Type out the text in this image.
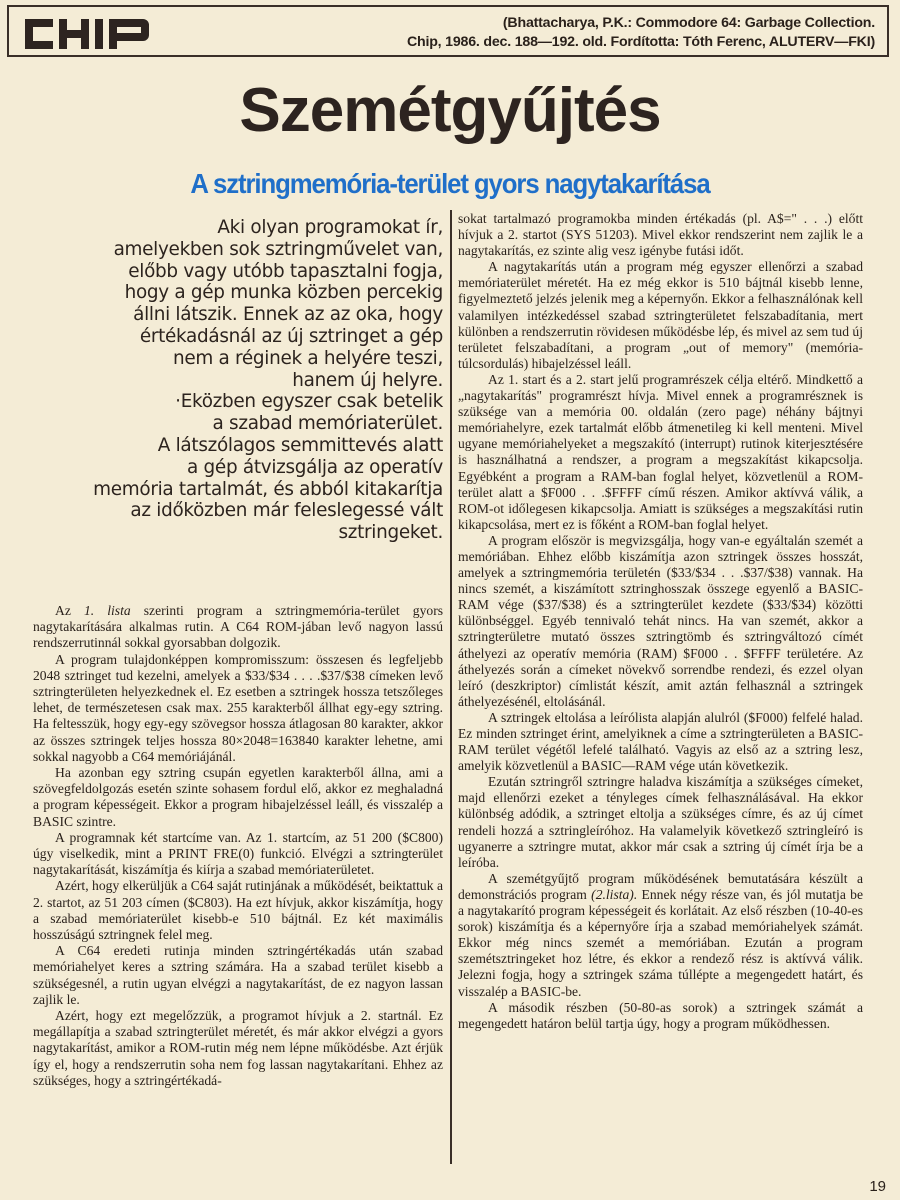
(Bhattacharya, P.K.: Commodore 64: Garbage Collection.
Chip, 1986. dec. 188—192. old. Fordította: Tóth Ferenc, ALUTERV—FKI)
Szemétgyűjtés
A sztringmemória-terület gyors nagytakarítása
Aki olyan programokat ír,
amelyekben sok sztringművelet van,
előbb vagy utóbb tapasztalni fogja,
hogy a gép munka közben percekig
állni látszik. Ennek az az oka, hogy
értékadásnál az új sztringet a gép
nem a réginek a helyére teszi,
hanem új helyre.
·Eközben egyszer csak betelik
a szabad memóriaterület.
A látszólagos semmittevés alatt
a gép átvizsgálja az operatív
memória tartalmát, és abból kitakarítja
az időközben már feleslegessé vált
sztringeket.

Az 1. lista szerinti program a sztringmemória-terület gyors nagytakarítására alkalmas rutin. A C64 ROM-jában levő nagyon lassú rendszerrutinnál sokkal gyorsabban dolgozik.

A program tulajdonképpen kompromisszum: összesen és legfeljebb 2048 sztringet tud kezelni, amelyek a $33/$34 . . . .$37/$38 címeken levő sztringterületen helyezkednek el. Ez esetben a sztringek hossza tetszőleges lehet, de természetesen csak max. 255 karakterből állhat egy-egy sztring. Ha feltesszük, hogy egy-egy szövegsor hossza átlagosan 80 karakter, akkor az összes sztringek teljes hossza 80×2048=163840 karakter lehetne, ami sokkal nagyobb a C64 memóriájánál.

Ha azonban egy sztring csupán egyetlen karakterből állna, ami a szövegfeldolgozás esetén szinte sohasem fordul elő, akkor ez meghaladná a program képességeit. Ekkor a program hibajelzéssel leáll, és visszalép a BASIC szintre.

A programnak két startcíme van. Az 1. startcím, az 51 200 ($C800) úgy viselkedik, mint a PRINT FRE(0) funkció. Elvégzi a sztringterület nagytakarítását, kiszámítja és kiírja a szabad memóriaterületet.

Azért, hogy elkerüljük a C64 saját rutinjának a működését, beiktattuk a 2. startot, az 51 203 címen ($C803). Ha ezt hívjuk, akkor kiszámítja, hogy a szabad memóriaterület kisebb-e 510 bájtnál. Ez két maximális hosszúságú sztringnek felel meg.

A C64 eredeti rutinja minden sztringértékadás után szabad memóriahelyet keres a sztring számára. Ha a szabad terület kisebb a szükségesnél, a rutin ugyan elvégzi a nagytakarítást, de ez nagyon lassan zajlik le.

Azért, hogy ezt megelőzzük, a programot hívjuk a 2. startnál. Ez megállapítja a szabad sztringterület méretét, és már akkor elvégzi a gyors nagytakarítást, amikor a ROM-rutin még nem lépne működésbe. Azt érjük így el, hogy a rendszerrutin soha nem fog lassan nagytakarítani. Ehhez az szükséges, hogy a sztringértékadá-

sokat tartalmazó programokba minden értékadás (pl. A$=" . . .) előtt hívjuk a 2. startot (SYS 51203). Mivel ekkor rendszerint nem zajlik le a nagytakarítás, ez szinte alig vesz igénybe futási időt.

A nagytakarítás után a program még egyszer ellenőrzi a szabad memóriaterület méretét. Ha ez még ekkor is 510 bájtnál kisebb lenne, figyelmeztető jelzés jelenik meg a képernyőn. Ekkor a felhasználónak kell valamilyen intézkedéssel szabad sztringterületet felszabadítania, mert különben a rendszerrutin rövidesen működésbe lép, és mivel az sem tud új területet felszabadítani, a program „out of memory" (memória-túlcsordulás) hibajelzéssel leáll.

Az 1. start és a 2. start jelű programrészek célja eltérő. Mindkettő a „nagytakarítás" programrészt hívja. Mivel ennek a programrésznek is szüksége van a memória 00. oldalán (zero page) néhány bájtnyi memóriahelyre, ezek tartalmát előbb átmenetileg ki kell menteni. Mivel ugyane memóriahelyeket a megszakító (interrupt) rutinok kiterjesztésére is használhatná a rendszer, a program a megszakítást kikapcsolja. Egyébként a program a RAM-ban foglal helyet, közvetlenül a ROM-terület alatt a $F000 . . .$FFFF című részen. Amikor aktívvá válik, a ROM-ot időlegesen kikapcsolja. Amiatt is szükséges a megszakítási rutin kikapcsolása, mert ez is főként a ROM-ban foglal helyet.

A program először is megvizsgálja, hogy van-e egyáltalán szemét a memóriában. Ehhez előbb kiszámítja azon sztringek összes hosszát, amelyek a sztringmemória területén ($33/$34 . . .$37/$38) vannak. Ha nincs szemét, a kiszámított sztringhosszak összege egyenlő a BASIC-RAM vége ($37/$38) és a sztringterület kezdete ($33/$34) közötti különbséggel. Egyéb tennivaló tehát nincs. Ha van szemét, akkor a sztringterületre mutató összes sztringtömb és sztringváltozó címét áthelyezi az operatív memória (RAM) $F000 . . $FFFF területére. Az áthelyezés során a címeket növekvő sorrendbe rendezi, és ezzel olyan leíró (deszkriptor) címlistát készít, amit aztán felhasznál a sztringek áthelyezésénél, eltolásánál.

A sztringek eltolása a leírólista alapján alulról ($F000) felfelé halad. Ez minden sztringet érint, amelyiknek a címe a sztringterületen a BASIC-RAM terület végétől lefelé található. Vagyis az első az a sztring lesz, amelyik közvetlenül a BASIC—RAM vége után következik.

Ezután sztringről sztringre haladva kiszámítja a szükséges címeket, majd ellenőrzi ezeket a tényleges címek felhasználásával. Ha ekkor különbség adódik, a sztringet eltolja a szükséges címre, és az új címet rendeli hozzá a sztringleíróhoz. Ha valamelyik következő sztringleíró is ugyanerre a sztringre mutat, akkor már csak a sztring új címét írja be a leíróba.

A szemétgyűjtő program működésének bemutatására készült a demonstrációs program (2.lista). Ennek négy része van, és jól mutatja be a nagytakarító program képességeit és korlátait. Az első részben (10-40-es sorok) kiszámítja és a képernyőre írja a szabad memóriahelyek számát. Ekkor még nincs szemét a memóriában. Ezután a program szemétsztringeket hoz létre, és ekkor a rendező rész is aktívvá válik. Jelezni fogja, hogy a sztringek száma túllépte a megengedett határt, és visszalép a BASIC-be.

A második részben (50-80-as sorok) a sztringek számát a megengedett határon belül tartja úgy, hogy a program működhessen.

19
